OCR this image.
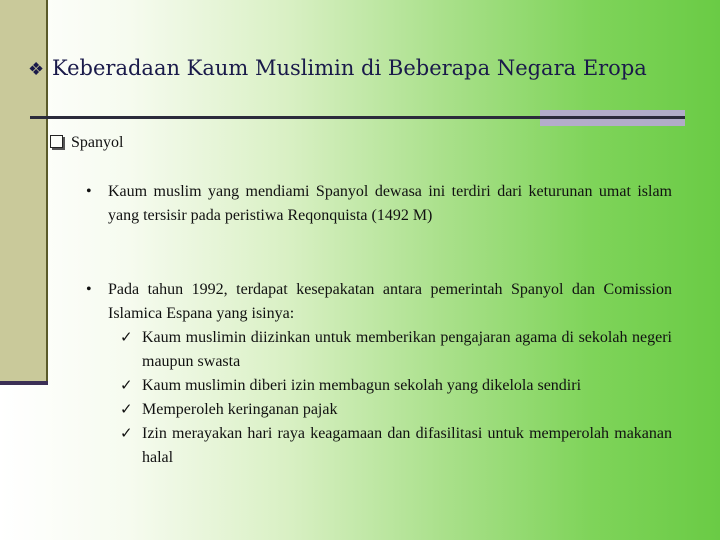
❖ Keberadaan Kaum Muslimin di Beberapa Negara Eropa
Spanyol
• Kaum muslim yang mendiami Spanyol dewasa ini terdiri dari keturunan umat islam yang tersisir pada peristiwa Reqonquista (1492 M)
• Pada tahun 1992, terdapat kesepakatan antara pemerintah Spanyol dan Comission Islamica Espana yang isinya:
✓ Kaum muslimin diizinkan untuk memberikan pengajaran agama di sekolah negeri maupun swasta
✓ Kaum muslimin diberi izin membagun sekolah yang dikelola sendiri
✓ Memperoleh keringanan pajak
✓ Izin merayakan hari raya keagamaan dan difasilitasi untuk memperolah makanan halal
